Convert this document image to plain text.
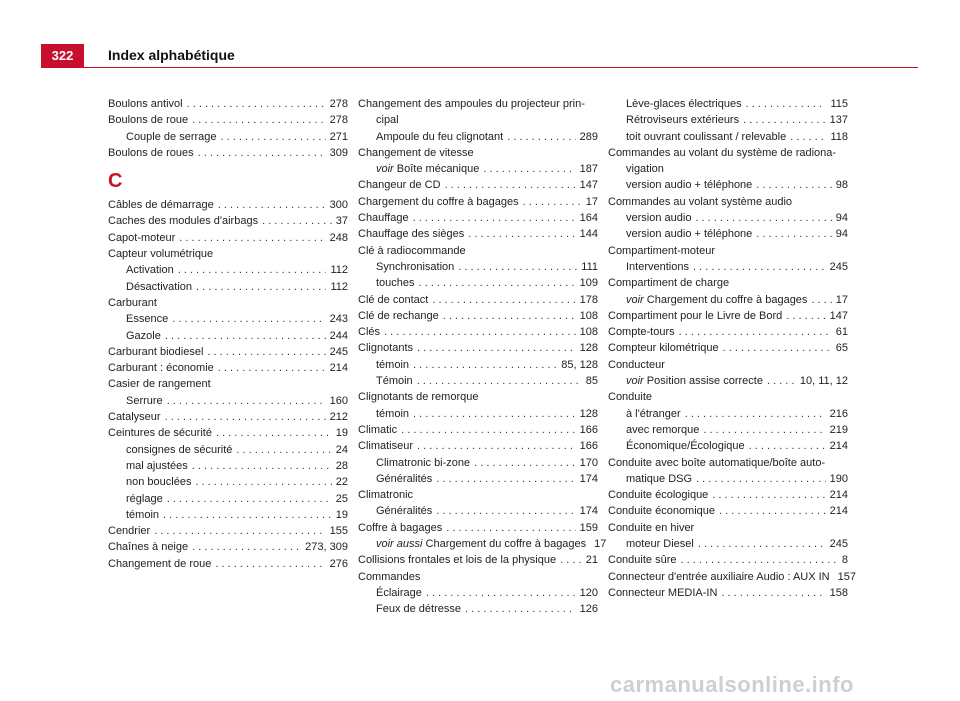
322	Index alphabétique
Boulons antivol . . .	278
Boulons de roue . . .	278
Couple de serrage . . .	271
Boulons de roues . . .	309
C
Câbles de démarrage . . .	300
Caches des modules d'airbags . . .	37
Capot-moteur . . .	248
Capteur volumétrique
Activation . . .	112
Désactivation . . .	112
Carburant
Essence . . .	243
Gazole . . .	244
Carburant biodiesel . . .	245
Carburant : économie . . .	214
Casier de rangement
Serrure . . .	160
Catalyseur . . .	212
Ceintures de sécurité . . .	19
consignes de sécurité . . .	24
mal ajustées . . .	28
non bouclées . . .	22
réglage . . .	25
témoin . . .	19
Cendrier . . .	155
Chaînes à neige . . .	273, 309
Changement de roue . . .	276
Changement des ampoules du projecteur prin-
cipal
Ampoule du feu clignotant . . .	289
Changement de vitesse
voir Boîte mécanique . . .	187
Changeur de CD . . .	147
Chargement du coffre à bagages . . .	17
Chauffage . . .	164
Chauffage des sièges . . .	144
Clé à radiocommande
Synchronisation . . .	111
touches . . .	109
Clé de contact . . .	178
Clé de rechange . . .	108
Clés . . .	108
Clignotants . . .	128
témoin . . .	85, 128
Témoin . . .	85
Clignotants de remorque
témoin . . .	128
Climatic . . .	166
Climatiseur . . .	166
Climatronic bi-zone . . .	170
Généralités . . .	174
Climatronic
Généralités . . .	174
Coffre à bagages . . .	159
voir aussi Chargement du coffre à bagages 17
Collisions frontales et lois de la physique . . .	21
Commandes
Éclairage . . .	120
Feux de détresse . . .	126
Lève-glaces électriques . . .	115
Rétroviseurs extérieurs . . .	137
toit ouvrant coulissant / relevable . . .	118
Commandes au volant du système de radiona-
vigation
version audio + téléphone . . .	98
Commandes au volant système audio
version audio . . .	94
version audio + téléphone . . .	94
Compartiment-moteur
Interventions . . .	245
Compartiment de charge
voir Chargement du coffre à bagages . . .	17
Compartiment pour le Livre de Bord . . .	147
Compte-tours . . .	61
Compteur kilométrique . . .	65
Conducteur
voir Position assise correcte . . .	10, 11, 12
Conduite
à l'étranger . . .	216
avec remorque . . .	219
Économique/Écologique . . .	214
Conduite avec boîte automatique/boîte auto-
matique DSG . . .	190
Conduite écologique . . .	214
Conduite économique . . .	214
Conduite en hiver
moteur Diesel . . .	245
Conduite sûre . . .	8
Connecteur d'entrée auxiliaire Audio : AUX IN 157
Connecteur MEDIA-IN . . .	158
carmanualsonline.info
